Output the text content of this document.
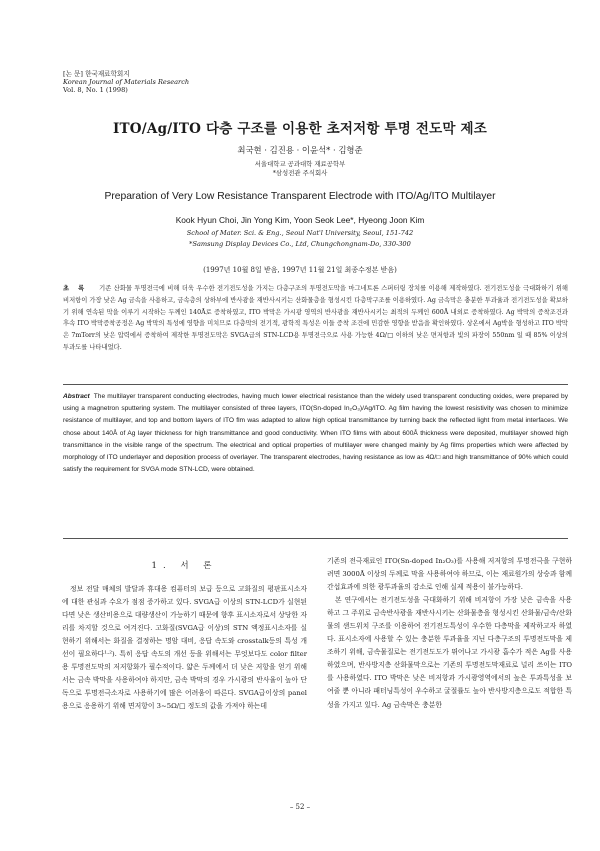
[논 문] 한국재료학회지
Korean Journal of Materials Research
Vol. 8, No. 1 (1998)
ITO/Ag/ITO 다층 구조를 이용한 초저저항 투명 전도막 제조
최국현 · 김진용 · 이윤석* · 김형준
서울대학교 공과대학 재료공학부
*삼성전관 주식회사
Preparation of Very Low Resistance Transparent Electrode with ITO/Ag/ITO Multilayer
Kook Hyun Choi, Jin Yong Kim, Yoon Seok Lee*, Hyeong Joon Kim
School of Mater. Sci. & Eng., Seoul Nat'l University, Seoul, 151-742
*Samsung Display Devices Co., Ltd, Chungchongnam-Do, 330-300
(1997년 10월 8일 받음, 1997년 11월 21일 최종수정본 받음)
초록 기존 산화물 투명전극에 비해 더욱 우수한 전기전도성을 가지는 다층구조의 투명전도막을 마그네트론 스퍼터링 장치를 이용해 제작하였다. 전기전도성을 극대화하기 위해 비저항이 가장 낮은 Ag 금속을 사용하고, 금속층의 상하부에 반사광을 재반사시키는 산화물층을 형성시킨 다층막구조를 이용하였다. Ag 금속막은 충분한 투과율과 전기전도성을 확보하기 위해 연속된 막을 이루기 시작하는 두께인 140Å로 증착하였고, ITO 박막은 가시광 영역의 반사광을 재반사시키는 최적의 두께인 600Å 내외로 증착하였다. Ag 박막의 증착조건과 후속 ITO 박막증착공정은 Ag 박막의 특성에 영향을 미치므로 다층막의 전기적, 광학적 특성은 이들 증착 조건에 민감한 영향을 받음을 확인하였다. 상온에서 Ag박을 형성하고 ITO 박막은 7mTorr의 낮은 압력에서 증착하여 제작한 투명전도막은 SVGA급의 STN-LCD용 투명전극으로 사용 가능한 4Ω/□ 이하의 낮은 면저항과 빛의 파장이 550nm 일 때 85% 이상의 투과도를 나타내었다.
Abstract The multilayer transparent conducting electrodes, having much lower electrical resistance than the widely used transparent conducting oxides, were prepared by using a magnetron sputtering system. The multilayer consisted of three layers, ITO(Sn-doped In₂O₃)/Ag/ITO. Ag film having the lowest resistivity was chosen to minimize resistance of multilayer, and top and bottom layers of ITO flm was adapted to allow high optical transmittance by turning back the reflected light from metal interfaces. We chose about 140Å of Ag layer thickness for high transmittance and good conductivity. When ITO films with about 600Å thickness were deposited, multilayer showed high transmittance in the visible range of the spectrum. The electrical and optical properties of multilayer were changed mainly by Ag films properties which were affected by morphology of ITO underlayer and deposition process of overlayer. The transparent electrodes, having resistance as low as 4Ω/□ and high transmittance of 90% which could satisfy the requirement for SVGA mode STN-LCD, were obtained.
1. 서 론

정보 전달 매체의 발달과 휴대용 컴퓨터의 보급 등으로 고화질의 평판표시소자에 대한 관심과 수요가 점점 증가하고 있다. SVGA급 이상의 STN-LCD가 실현된다면 낮은 생산비용으로 대량생산이 가능하기 때문에 향후 표시소자로서 상당한 자리를 차지할 것으로 여겨진다. 고화질(SVGA급 이상)의 STN 액정표시소자를 실현하기 위해서는 화질을 결정하는 명암 대비, 응답 속도와 crosstalk등의 특성 개선이 필요하다¹·²). 특히 응답 속도의 개선 등을 위해서는 무엇보다도 color filter용 투명전도막의 저저항화가 필수적이다. 얇은 두께에서 더 낮은 저항을 얻기 위해서는 금속 박막을 사용하여야 하지만, 금속 박막의 경우 가시광의 반사율이 높아 단독으로 투명전극소자로 사용하기에 많은 어려움이 따른다. SVGA급이상의 panel용으로 응용하기 위해 면저항이 3~5Ω/□ 정도의 값을 가져야 하는데

기존의 전극재료인 ITO(Sn-doped In₂O₃)를 사용해 저저항의 투명전극을 구현하려면 3000Å 이상의 두께로 막을 사용하여야 하므로, 이는 재료원가의 상승과 함께 간섭효과에 의한 광투과율의 감소로 인해 실제 적용이 불가능하다.

본 연구에서는 전기전도성을 극대화하기 위해 비저항이 가장 낮은 금속을 사용하고 그 주위로 금속반사광을 재반사시키는 산화물층을 형성시킨 산화물/금속/산화물의 샌드위치 구조를 이용하여 전기전도특성이 우수한 다층막을 제작하고자 하였다. 표시소자에 사용할 수 있는 충분한 투과율을 지닌 다층구조의 투명전도막을 제조하기 위해, 금속물질로는 전기전도도가 뛰어나고 가시광 흡수가 적은 Ag를 사용하였으며, 반사방지층 산화물막으로는 기존의 투명전도막재료로 널리 쓰이는 ITO를 사용하였다. ITO 박막은 낮은 비저항과 가시광영역에서의 높은 투과특성을 보여줄 뿐 아니라 패터닝특성이 우수하고 굴절률도 높아 반사방지층으로도 적합한 특성을 가지고 있다. Ag 금속막은 충분한

– 52 –
